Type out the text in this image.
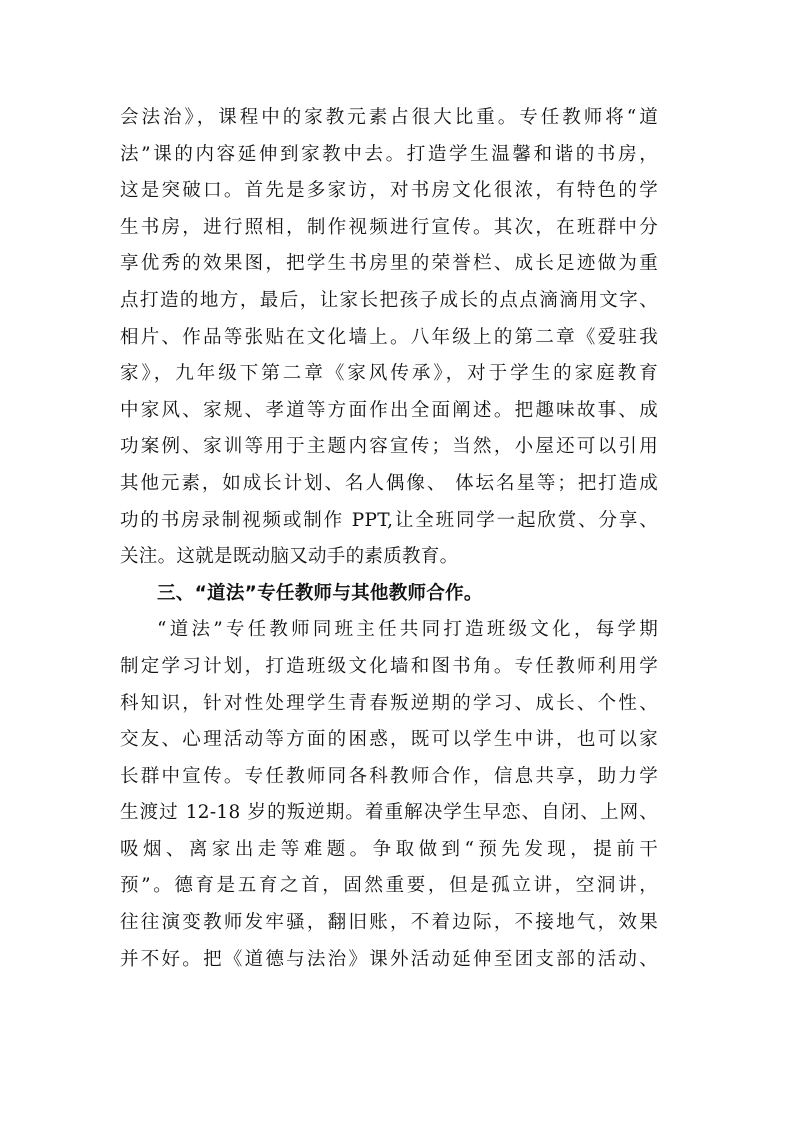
会法治》，课程中的家教元素占很大比重。专任教师将“道
法”课的内容延伸到家教中去。打造学生温馨和谐的书房，
这是突破口。首先是多家访，对书房文化很浓，有特色的学
生书房，进行照相，制作视频进行宣传。其次，在班群中分
享优秀的效果图，把学生书房里的荣誉栏、成长足迹做为重
点打造的地方，最后，让家长把孩子成长的点点滴滴用文字、
相片、作品等张贴在文化墙上。八年级上的第二章《爱驻我
家》，九年级下第二章《家风传承》，对于学生的家庭教育
中家风、家规、孝道等方面作出全面阐述。把趣味故事、成
功案例、家训等用于主题内容宣传；当然，小屋还可以引用
其他元素，如成长计划、名人偶像、 体坛名星等；把打造成
功的书房录制视频或制作 PPT,让全班同学一起欣赏、分享、
关注。这就是既动脑又动手的素质教育。
三、“道法”专任教师与其他教师合作。
“道法”专任教师同班主任共同打造班级文化，每学期
制定学习计划，打造班级文化墙和图书角。专任教师利用学
科知识，针对性处理学生青春叛逆期的学习、成长、个性、
交友、心理活动等方面的困惑，既可以学生中讲，也可以家
长群中宣传。专任教师同各科教师合作，信息共享，助力学
生渡过 12-18 岁的叛逆期。着重解决学生早恋、自闭、上网、
吸烟、离家出走等难题。争取做到“预先发现，提前干
预”。德育是五育之首，固然重要，但是孤立讲，空洞讲，
往往演变教师发牢骚，翻旧账，不着边际，不接地气，效果
并不好。把《道德与法治》课外活动延伸至团支部的活动、
